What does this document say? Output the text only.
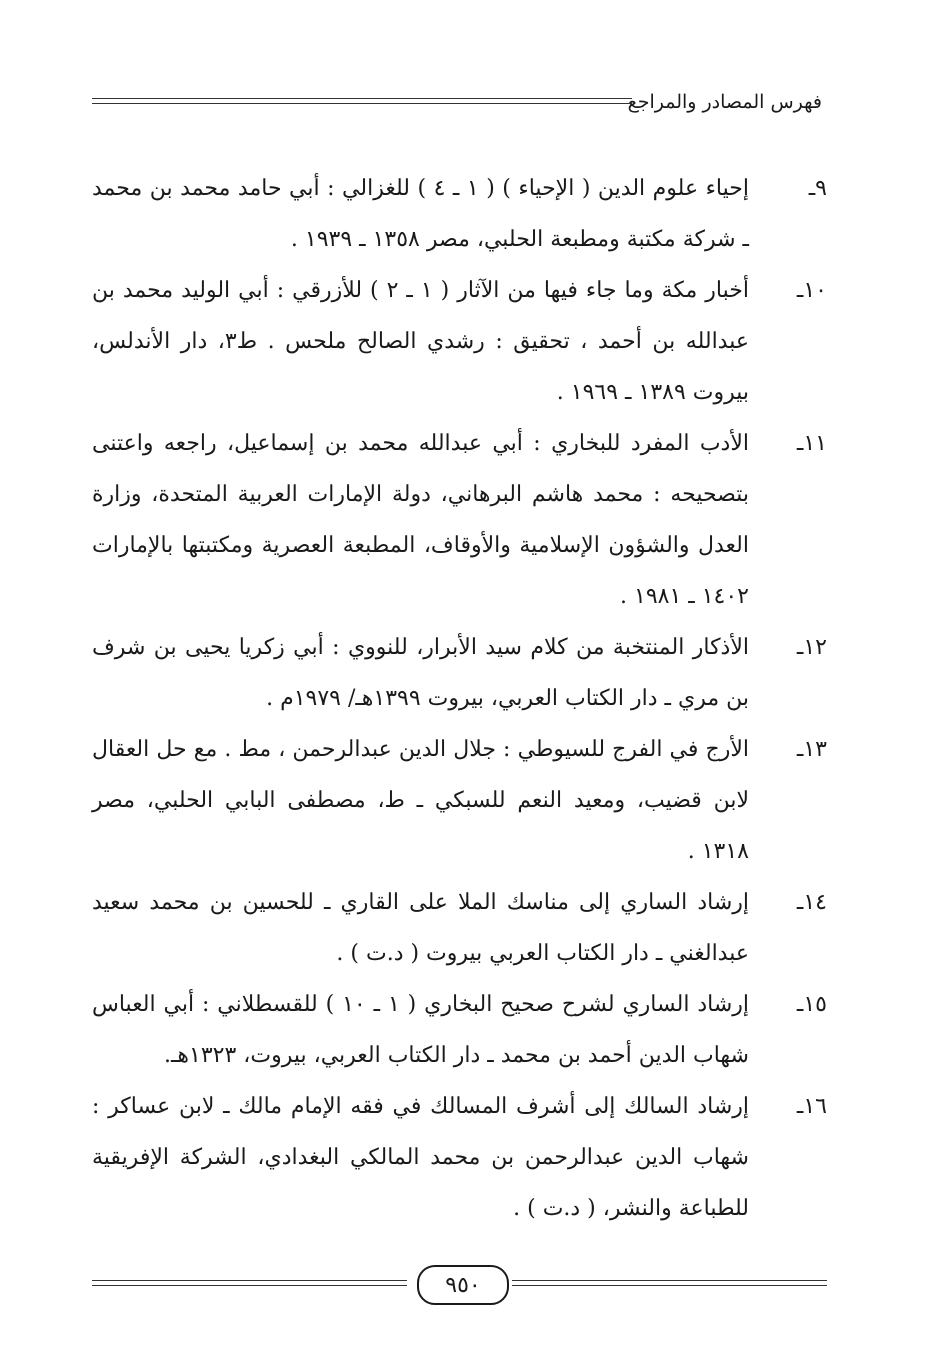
فهرس المصادر والمراجع
٩ـ
إحياء علوم الدين ( الإحياء ) ( ١ ـ ٤ ) للغزالي : أبي حامد محمد بن محمد ـ شركة مكتبة ومطبعة الحلبي، مصر ١٣٥٨ ـ ١٩٣٩ .
١٠ـ
أخبار مكة وما جاء فيها من الآثار ( ١ ـ ٢ ) للأزرقي : أبي الوليد محمد بن عبدالله بن أحمد ، تحقيق : رشدي الصالح ملحس . ط٣، دار الأندلس، بيروت ١٣٨٩ ـ ١٩٦٩ .
١١ـ
الأدب المفرد للبخاري : أبي عبدالله محمد بن إسماعيل، راجعه واعتنى بتصحيحه : محمد هاشم البرهاني، دولة الإمارات العربية المتحدة، وزارة العدل والشؤون الإسلامية والأوقاف، المطبعة العصرية ومكتبتها بالإمارات ١٤٠٢ ـ ١٩٨١ .
١٢ـ
الأذكار المنتخبة من كلام سيد الأبرار، للنووي : أبي زكريا يحيى بن شرف بن مري ـ دار الكتاب العربي، بيروت ١٣٩٩هـ/ ١٩٧٩م .
١٣ـ
الأرج في الفرج للسيوطي : جلال الدين عبدالرحمن ، مط . مع حل العقال لابن قضيب، ومعيد النعم للسبكي ـ ط، مصطفى البابي الحلبي، مصر ١٣١٨ .
١٤ـ
إرشاد الساري إلى مناسك الملا على القاري ـ للحسين بن محمد سعيد عبدالغني ـ دار الكتاب العربي بيروت ( د.ت ) .
١٥ـ
إرشاد الساري لشرح صحيح البخاري ( ١ ـ ١٠ ) للقسطلاني : أبي العباس شهاب الدين أحمد بن محمد ـ دار الكتاب العربي، بيروت، ١٣٢٣هـ.
١٦ـ
إرشاد السالك إلى أشرف المسالك في فقه الإمام مالك ـ لابن عساكر : شهاب الدين عبدالرحمن بن محمد المالكي البغدادي، الشركة الإفريقية للطباعة والنشر، ( د.ت ) .
٩٥٠
